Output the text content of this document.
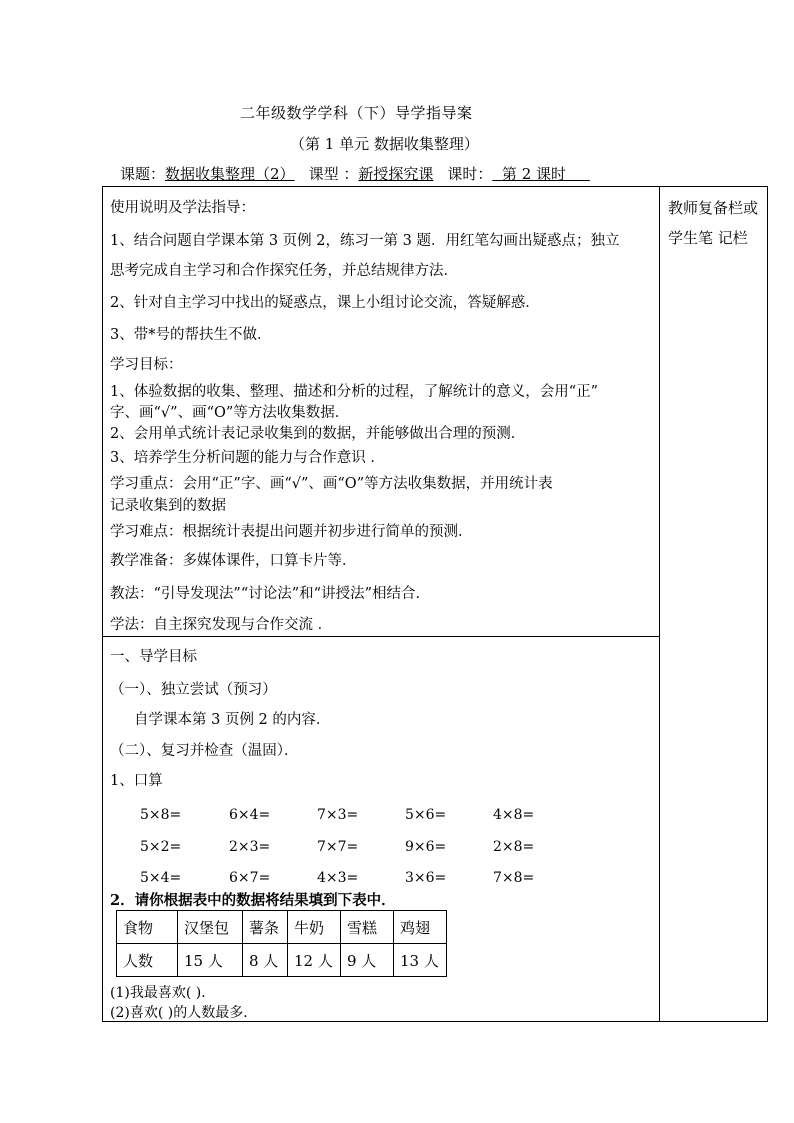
二年级数学学科（下）导学指导案
（第 1 单元 数据收集整理）
课题：数据收集整理（2） 课型 ：新授探究课 课时： 第 2 课时
教师复备栏或学生笔 记栏
使用说明及学法指导：
1、结合问题自学课本第 3 页例 2，练习一第 3 题．用红笔勾画出疑惑点；独立
思考完成自主学习和合作探究任务，并总结规律方法．
2、针对自主学习中找出的疑惑点，课上小组讨论交流，答疑解惑．
3、带*号的帮扶生不做．
学习目标：
1、体验数据的收集、整理、描述和分析的过程，了解统计的意义，会用“正”
字、画“√”、画“O”等方法收集数据．
2、会用单式统计表记录收集到的数据，并能够做出合理的预测．
3、培养学生分析问题的能力与合作意识 ．
学习重点：会用“正”字、画“√”、画“O”等方法收集数据，并用统计表
记录收集到的数据
学习难点：根据统计表提出问题并初步进行简单的预测．
教学准备：多媒体课件，口算卡片等．
教法：“引导发现法”“讨论法”和“讲授法”相结合．
学法：自主探究发现与合作交流 ．
一、导学目标
（一）、独立尝试（预习）
自学课本第 3 页例 2 的内容．
（二）、复习并检查（温固）．
1、口算
5×8=	6×4=	7×3=	5×6=	4×8=
5×2=	2×3=	7×7=	9×6=	2×8=
5×4=	6×7=	4×3=	3×6=	7×8=
2．请你根据表中的数据将结果填到下表中．
食物	汉堡包	薯条	牛奶	雪糕	鸡翅
人数	15 人	8 人	12 人	9 人	13 人
(1)我最喜欢( )．
(2)喜欢( )的人数最多．
